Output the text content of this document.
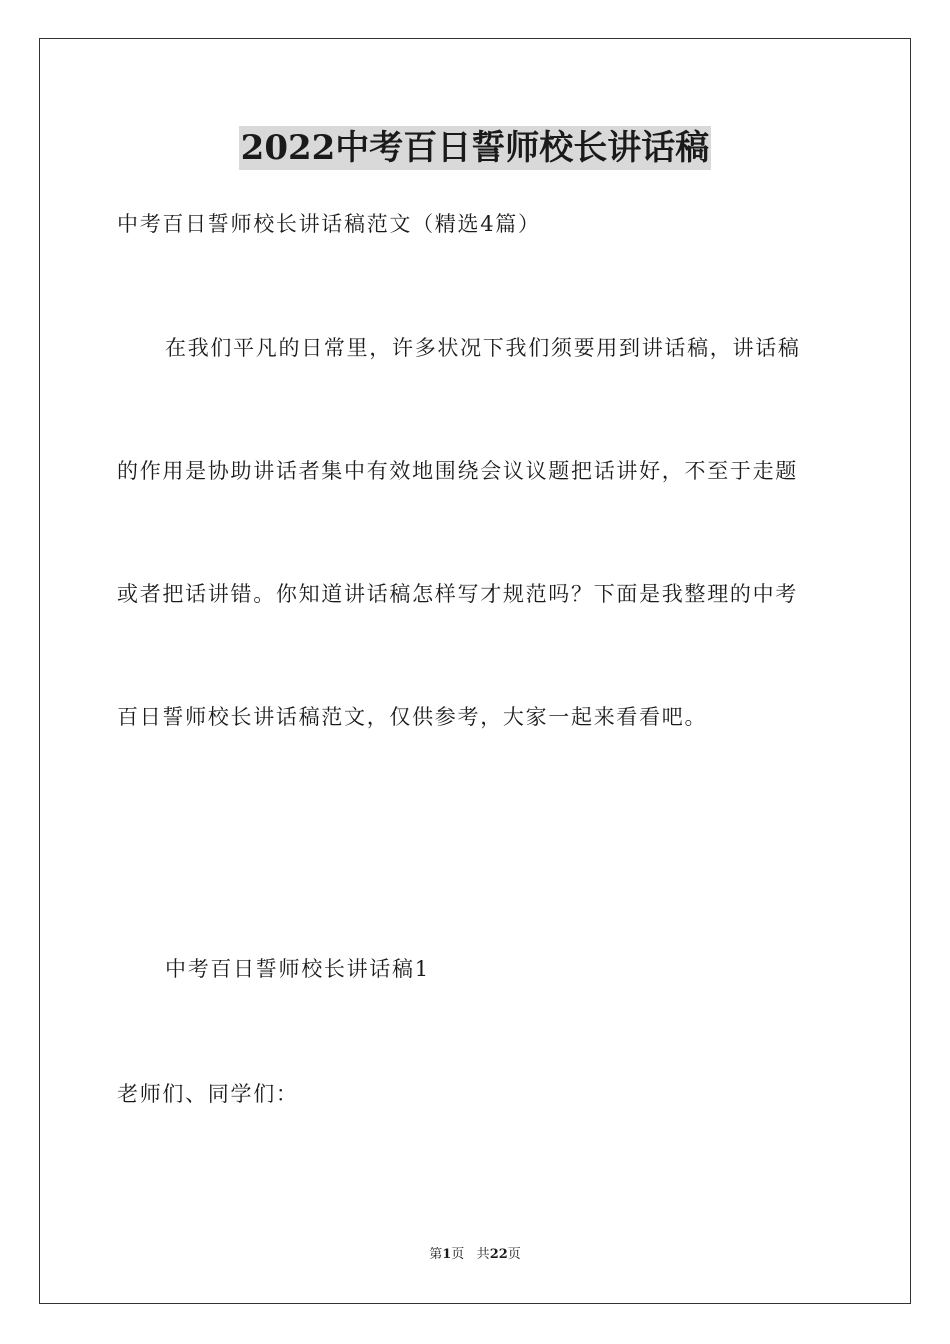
2022中考百日誓师校长讲话稿
中考百日誓师校长讲话稿范文（精选4篇）
在我们平凡的日常里，许多状况下我们须要用到讲话稿，讲话稿
的作用是协助讲话者集中有效地围绕会议议题把话讲好，不至于走题
或者把话讲错。你知道讲话稿怎样写才规范吗？下面是我整理的中考
百日誓师校长讲话稿范文，仅供参考，大家一起来看看吧。
中考百日誓师校长讲话稿1
老师们、同学们：
第1页 共22页
